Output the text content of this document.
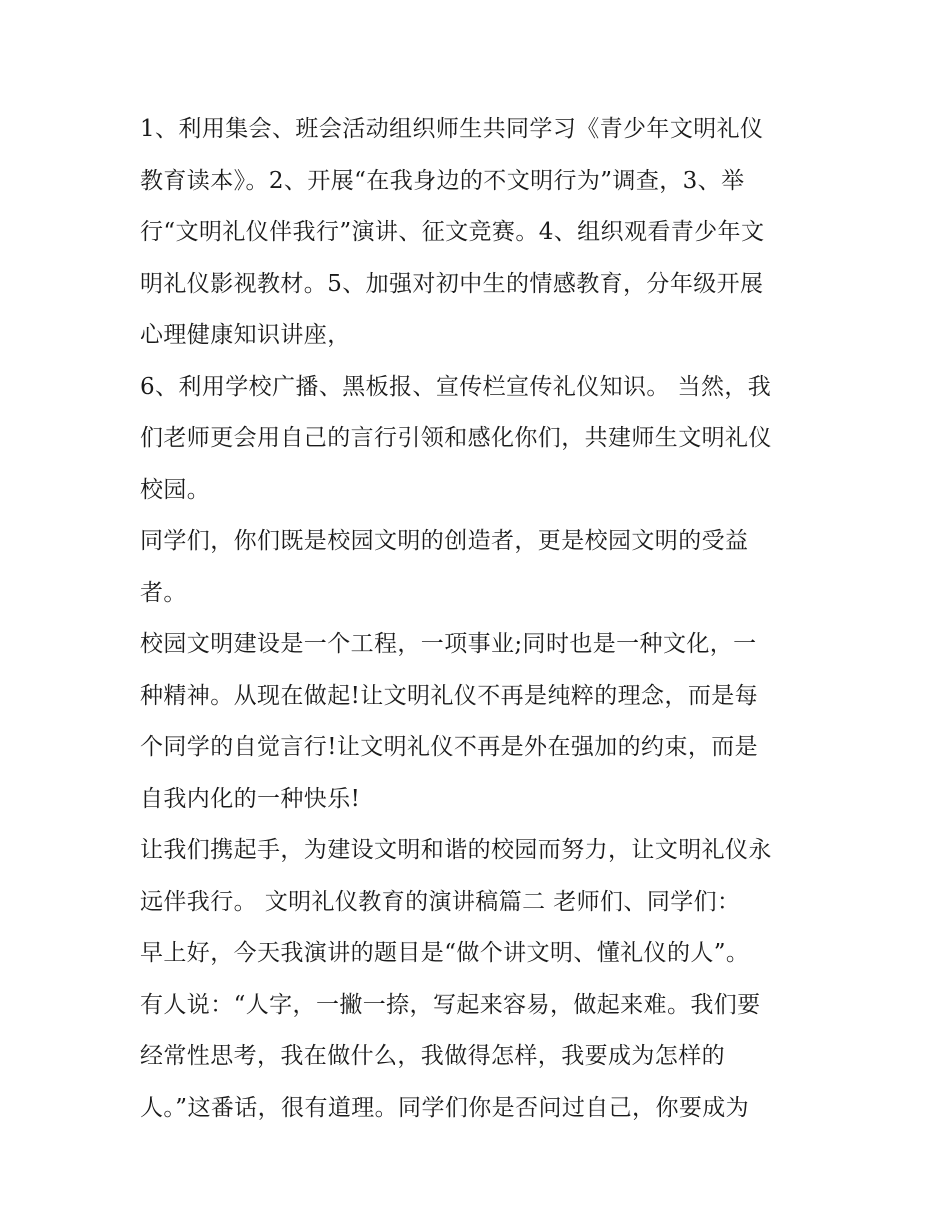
1、利用集会、班会活动组织师生共同学习《青少年文明礼仪
教育读本》。2、开展“在我身边的不文明行为”调查，3、举
行“文明礼仪伴我行”演讲、征文竞赛。4、组织观看青少年文
明礼仪影视教材。5、加强对初中生的情感教育，分年级开展
心理健康知识讲座，
6、利用学校广播、黑板报、宣传栏宣传礼仪知识。 当然，我
们老师更会用自己的言行引领和感化你们，共建师生文明礼仪
校园。
同学们，你们既是校园文明的创造者，更是校园文明的受益
者。
校园文明建设是一个工程，一项事业;同时也是一种文化，一
种精神。从现在做起!让文明礼仪不再是纯粹的理念，而是每
个同学的自觉言行!让文明礼仪不再是外在强加的约束，而是
自我内化的一种快乐!
让我们携起手，为建设文明和谐的校园而努力，让文明礼仪永
远伴我行。 文明礼仪教育的演讲稿篇二 老师们、同学们：
早上好，今天我演讲的题目是“做个讲文明、懂礼仪的人”。
有人说：“人字，一撇一捺，写起来容易，做起来难。我们要
经常性思考，我在做什么，我做得怎样，我要成为怎样的
人。”这番话，很有道理。同学们你是否问过自己，你要成为
